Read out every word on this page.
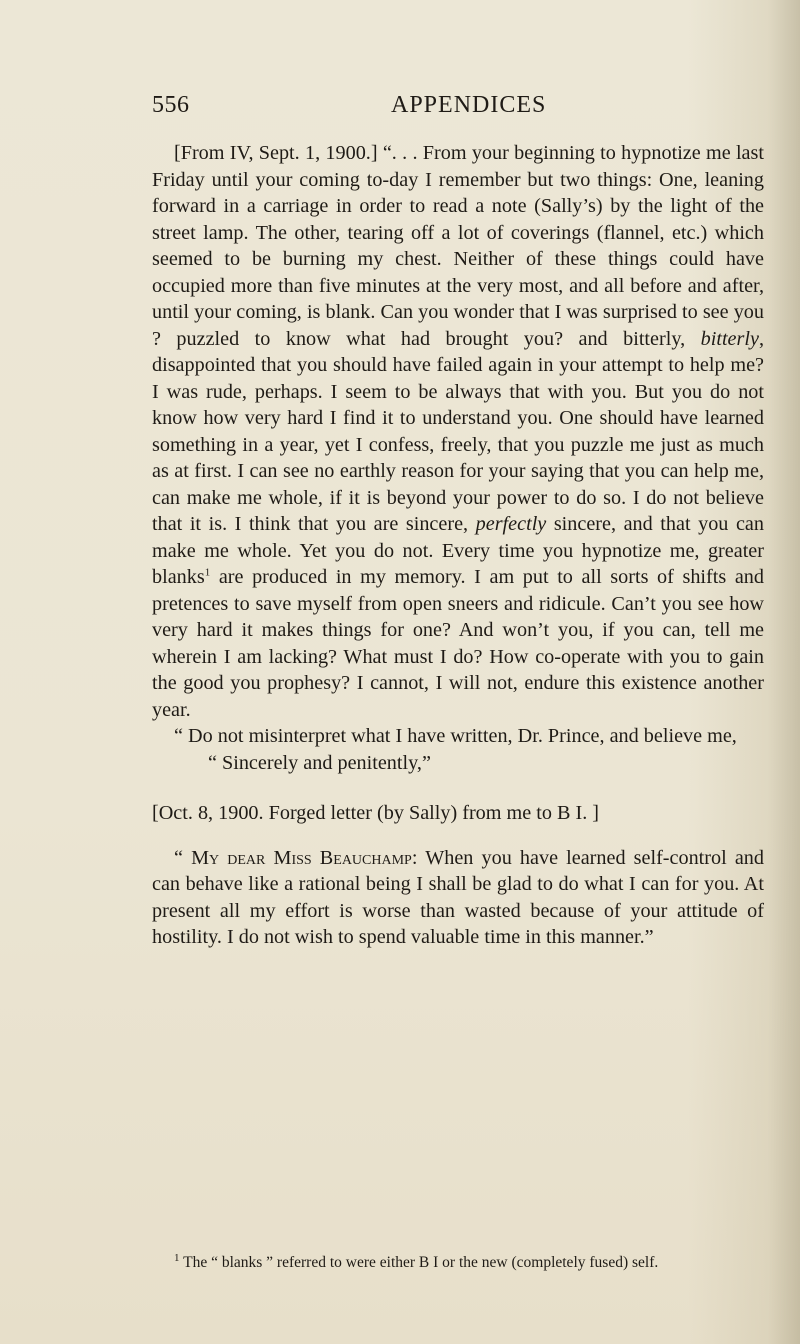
556	APPENDICES

[From IV, Sept. 1, 1900.] “. . . From your beginning to hypnotize me last Friday until your coming to-day I remember but two things: One, leaning forward in a carriage in order to read a note (Sally’s) by the light of the street lamp. The other, tearing off a lot of coverings (flannel, etc.) which seemed to be burning my chest. Neither of these things could have occupied more than five minutes at the very most, and all before and after, until your coming, is blank. Can you wonder that I was surprised to see you ? puzzled to know what had brought you? and bitterly, bitterly, disappointed that you should have failed again in your attempt to help me? I was rude, perhaps. I seem to be always that with you. But you do not know how very hard I find it to understand you. One should have learned something in a year, yet I confess, freely, that you puzzle me just as much as at first. I can see no earthly reason for your saying that you can help me, can make me whole, if it is beyond your power to do so. I do not believe that it is. I think that you are sincere, perfectly sincere, and that you can make me whole. Yet you do not. Every time you hypnotize me, greater blanks$^1$ are produced in my memory. I am put to all sorts of shifts and pretences to save myself from open sneers and ridicule. Can’t you see how very hard it makes things for one? And won’t you, if you can, tell me wherein I am lacking? What must I do? How co-operate with you to gain the good you prophesy? I cannot, I will not, endure this existence another year.

“ Do not misinterpret what I have written, Dr. Prince, and believe me,

“ Sincerely and penitently,”

[Oct. 8, 1900. Forged letter (by Sally) from me to B I. ]

“ My dear Miss Beauchamp: When you have learned self-control and can behave like a rational being I shall be glad to do what I can for you. At present all my effort is worse than wasted because of your attitude of hostility. I do not wish to spend valuable time in this manner.”

$^1$ The “ blanks ” referred to were either B I or the new (completely fused) self.
